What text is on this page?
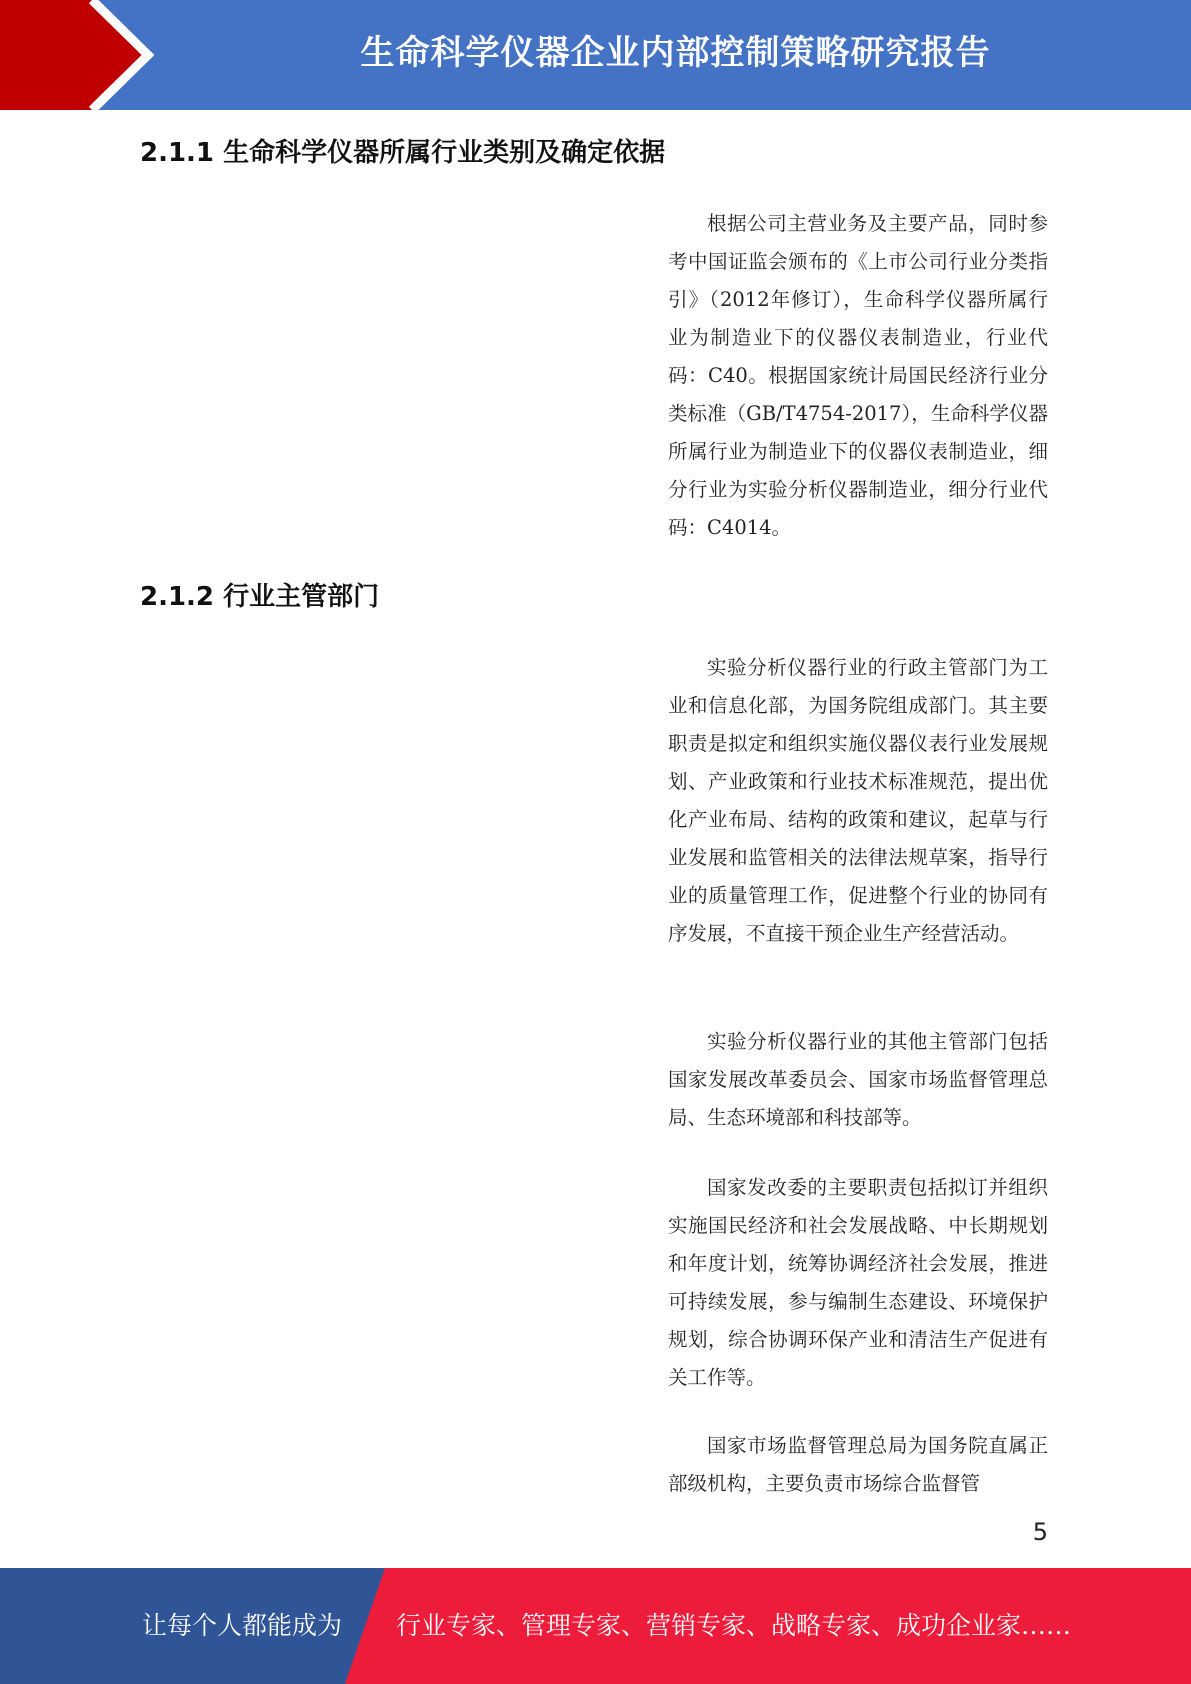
生命科学仪器企业内部控制策略研究报告
2.1.1 生命科学仪器所属行业类别及确定依据

根据公司主营业务及主要产品，同时参考中国证监会颁布的《上市公司行业分类指引》（2012年修订），生命科学仪器所属行业为制造业下的仪器仪表制造业，行业代码：C40。根据国家统计局国民经济行业分类标准（GB/T4754-2017），生命科学仪器所属行业为制造业下的仪器仪表制造业，细分行业为实验分析仪器制造业，细分行业代码：C4014。

2.1.2 行业主管部门

实验分析仪器行业的行政主管部门为工业和信息化部，为国务院组成部门。其主要职责是拟定和组织实施仪器仪表行业发展规划、产业政策和行业技术标准规范，提出优化产业布局、结构的政策和建议，起草与行业发展和监管相关的法律法规草案，指导行业的质量管理工作，促进整个行业的协同有序发展，不直接干预企业生产经营活动。

实验分析仪器行业的其他主管部门包括国家发展改革委员会、国家市场监督管理总局、生态环境部和科技部等。

国家发改委的主要职责包括拟订并组织实施国民经济和社会发展战略、中长期规划和年度计划，统筹协调经济社会发展，推进可持续发展，参与编制生态建设、环境保护规划，综合协调环保产业和清洁生产促进有关工作等。

国家市场监督管理总局为国务院直属正部级机构，主要负责市场综合监督管

5
让每个人都能成为 行业专家、管理专家、营销专家、战略专家、成功企业家……
